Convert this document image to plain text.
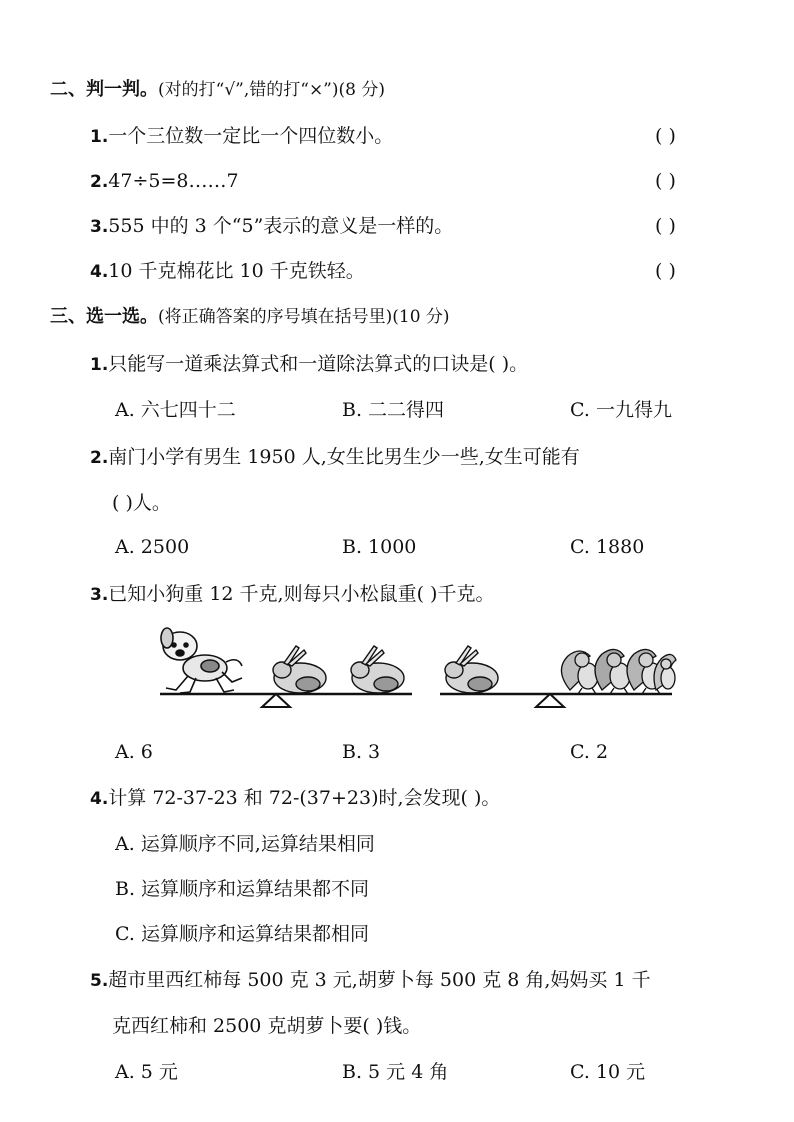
二、判一判。(对的打“√”,错的打“×”)(8 分)
1.一个三位数一定比一个四位数小。	( )
2.47÷5=8……7	( )
3.555 中的 3 个“5”表示的意义是一样的。	( )
4.10 千克棉花比 10 千克铁轻。	( )
三、选一选。(将正确答案的序号填在括号里)(10 分)
1.只能写一道乘法算式和一道除法算式的口诀是( )。
A. 六七四十二	B. 二二得四	C. 一九得九
2.南门小学有男生 1950 人,女生比男生少一些,女生可能有
( )人。
A. 2500	B. 1000	C. 1880
3.已知小狗重 12 千克,则每只小松鼠重( )千克。
A. 6	B. 3	C. 2
4.计算 72-37-23 和 72-(37+23)时,会发现( )。
A. 运算顺序不同,运算结果相同
B. 运算顺序和运算结果都不同
C. 运算顺序和运算结果都相同
5.超市里西红柿每 500 克 3 元,胡萝卜每 500 克 8 角,妈妈买 1 千
克西红柿和 2500 克胡萝卜要( )钱。
A. 5 元	B. 5 元 4 角	C. 10 元
